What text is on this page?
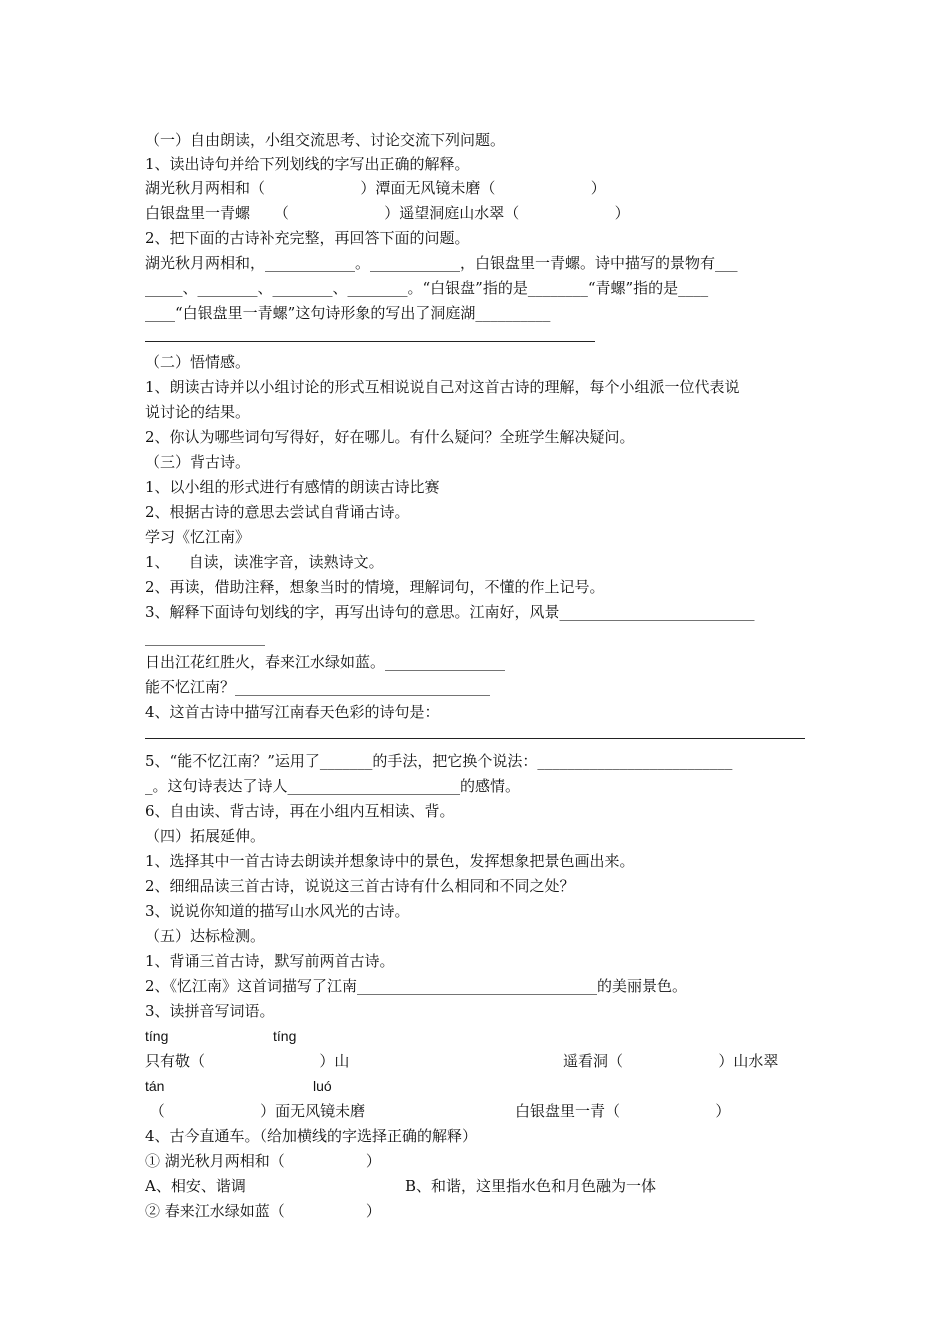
（一）自由朗读，小组交流思考、讨论交流下列问题。
1、读出诗句并给下列划线的字写出正确的解释。
湖光秋月两相和（                    ）潭面无风镜未磨（                    ）
白银盘里一青螺     （                    ）遥望洞庭山水翠（                    ）
2、把下面的古诗补充完整，再回答下面的问题。
湖光秋月两相和，____________。____________，白银盘里一青螺。诗中描写的景物有___
_____、________、________、________。“白银盘”指的是________“青螺”指的是____
____“白银盘里一青螺”这句诗形象的写出了洞庭湖__________
（二）悟情感。
1、朗读古诗并以小组讨论的形式互相说说自己对这首古诗的理解，每个小组派一位代表说
说讨论的结果。
2、你认为哪些词句写得好，好在哪儿。有什么疑问？全班学生解决疑问。
（三）背古诗。
1、以小组的形式进行有感情的朗读古诗比赛
2、根据古诗的意思去尝试自背诵古诗。
学习《忆江南》
1、    自读，读准字音，读熟诗文。
2、再读，借助注释，想象当时的情境，理解词句，不懂的作上记号。
3、解释下面诗句划线的字，再写出诗句的意思。江南好，风景__________________________
________________
日出江花红胜火，春来江水绿如蓝。________________
能不忆江南？__________________________________
4、这首古诗中描写江南春天色彩的诗句是：
5、“能不忆江南？”运用了_______的手法，把它换个说法：__________________________
_。这句诗表达了诗人_______________________的感情。
6、自由读、背古诗，再在小组内互相读、背。
（四）拓展延伸。
1、选择其中一首古诗去朗读并想象诗中的景色，发挥想象把景色画出来。
2、细细品读三首古诗，说说这三首古诗有什么相同和不同之处？
3、说说你知道的描写山水风光的古诗。
（五）达标检测。
1、背诵三首古诗，默写前两首古诗。
2、《忆江南》这首词描写了江南________________________________的美丽景色。
3、读拼音写词语。
tíng	tíng
只有敬（                        ）山	遥看洞（                    ）山水翠
tán	luó
（                    ）面无风镜未磨	白银盘里一青（                    ）
4、古今直通车。（给加横线的字选择正确的解释）
① 湖光秋月两相和（                 ）
A、相安、谐调	B、和谐，这里指水色和月色融为一体
② 春来江水绿如蓝（                 ）
